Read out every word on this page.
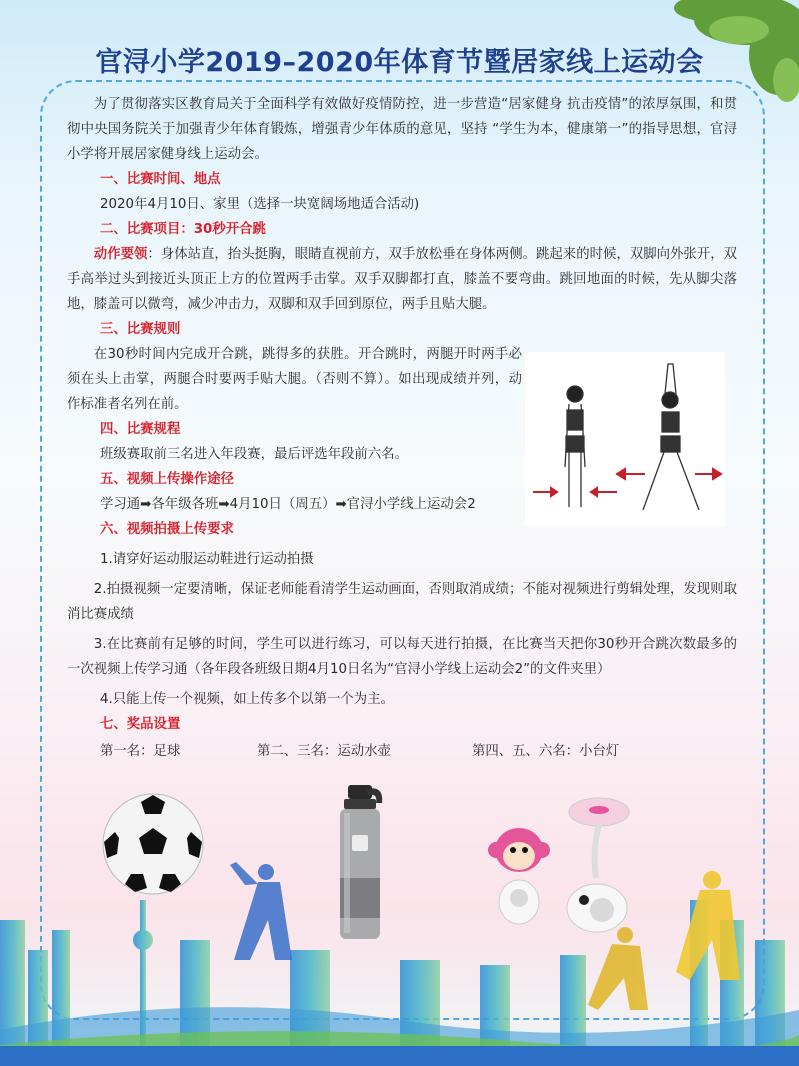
官浔小学2019–2020年体育节暨居家线上运动会

为了贯彻落实区教育局关于全面科学有效做好疫情防控，进一步营造“居家健身 抗击疫情”的浓厚氛围，和贯彻中央国务院关于加强青少年体育锻炼，增强青少年体质的意见，坚持 “学生为本，健康第一”的指导思想，官浔小学将开展居家健身线上运动会。

一、比赛时间、地点

2020年4月10日、家里（选择一块宽阔场地适合活动)

二、比赛项目：30秒开合跳

动作要领：身体站直，抬头挺胸，眼睛直视前方，双手放松垂在身体两侧。跳起来的时候，双脚向外张开，双手高举过头到接近头顶正上方的位置两手击掌。双手双脚都打直，膝盖不要弯曲。跳回地面的时候，先从脚尖落地，膝盖可以微弯，减少冲击力，双脚和双手回到原位，两手且贴大腿。

三、比赛规则

在30秒时间内完成开合跳，跳得多的获胜。开合跳时，两腿开时两手必须在头上击掌，两腿合时要两手贴大腿。（否则不算）。如出现成绩并列，动作标准者名列在前。

四、比赛规程

班级赛取前三名进入年段赛，最后评选年段前六名。

五、视频上传操作途径

学习通➡各年级各班➡4月10日（周五）➡官浔小学线上运动会2

六、视频拍摄上传要求

1.请穿好运动服运动鞋进行运动拍摄

2.拍摄视频一定要清晰，保证老师能看清学生运动画面，否则取消成绩；不能对视频进行剪辑处理，发现则取消比赛成绩

3.在比赛前有足够的时间，学生可以进行练习，可以每天进行拍摄，在比赛当天把你30秒开合跳次数最多的一次视频上传学习通（各年段各班级日期4月10日名为“官浔小学线上运动会2”的文件夹里）

4.只能上传一个视频，如上传多个以第一个为主。

七、奖品设置

第一名：足球	第二、三名：运动水壶	第四、五、六名：小台灯
